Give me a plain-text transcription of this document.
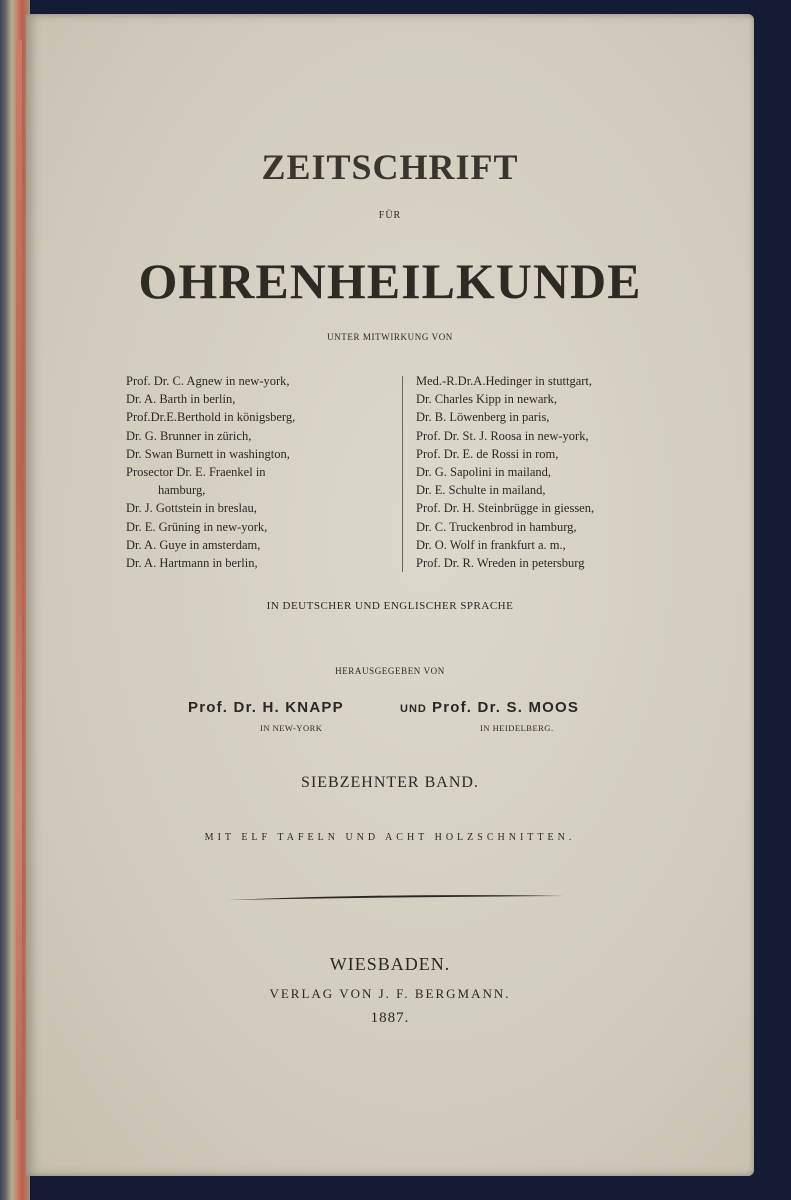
ZEITSCHRIFT
FÜR
OHRENHEILKUNDE
UNTER MITWIRKUNG VON
Prof. Dr. C. Agnew in new-york,
Dr. A. Barth in berlin,
Prof.Dr.E.Berthold in königsberg,
Dr. G. Brunner in zürich,
Dr. Swan Burnett in washington,
Prosector Dr. E. Fraenkel in
hamburg,
Dr. J. Gottstein in breslau,
Dr. E. Grüning in new-york,
Dr. A. Guye in amsterdam,
Dr. A. Hartmann in berlin,
Med.-R.Dr.A.Hedinger in stuttgart,
Dr. Charles Kipp in newark,
Dr. B. Löwenberg in paris,
Prof. Dr. St. J. Roosa in new-york,
Prof. Dr. E. de Rossi in rom,
Dr. G. Sapolini in mailand,
Dr. E. Schulte in mailand,
Prof. Dr. H. Steinbrügge in giessen,
Dr. C. Truckenbrod in hamburg,
Dr. O. Wolf in frankfurt a. m.,
Prof. Dr. R. Wreden in petersburg
IN DEUTSCHER UND ENGLISCHER SPRACHE
HERAUSGEGEBEN VON
Prof. Dr. H. KNAPP	UND Prof. Dr. S. MOOS
IN NEW-YORK	IN HEIDELBERG.
SIEBZEHNTER BAND.
MIT ELF TAFELN UND ACHT HOLZSCHNITTEN.
WIESBADEN.
VERLAG VON J. F. BERGMANN.
1887.
